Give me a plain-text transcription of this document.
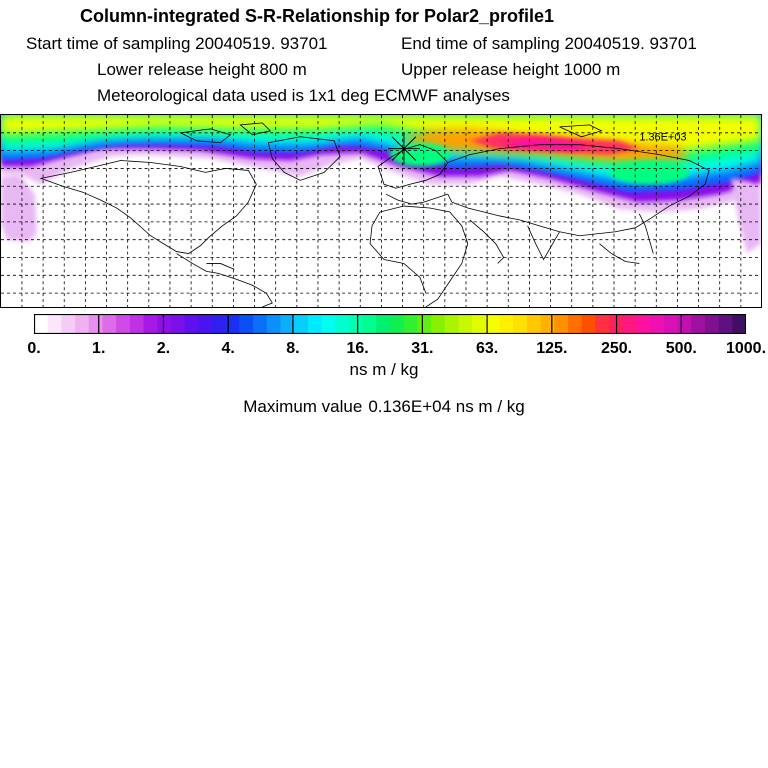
Column-integrated S-R-Relationship for Polar2_profile1
Start time of sampling 20040519. 93701	End time of sampling 20040519. 93701
Lower release height 800 m	Upper release height 1000 m
Meteorological data used is 1x1 deg ECMWF analyses
1.36E+03
0.	1.	2.	4.	8.	16.	31.	63. 125. 250. 500. 1000.
ns m / kg
Maximum value 0.136E+04 ns m / kg
